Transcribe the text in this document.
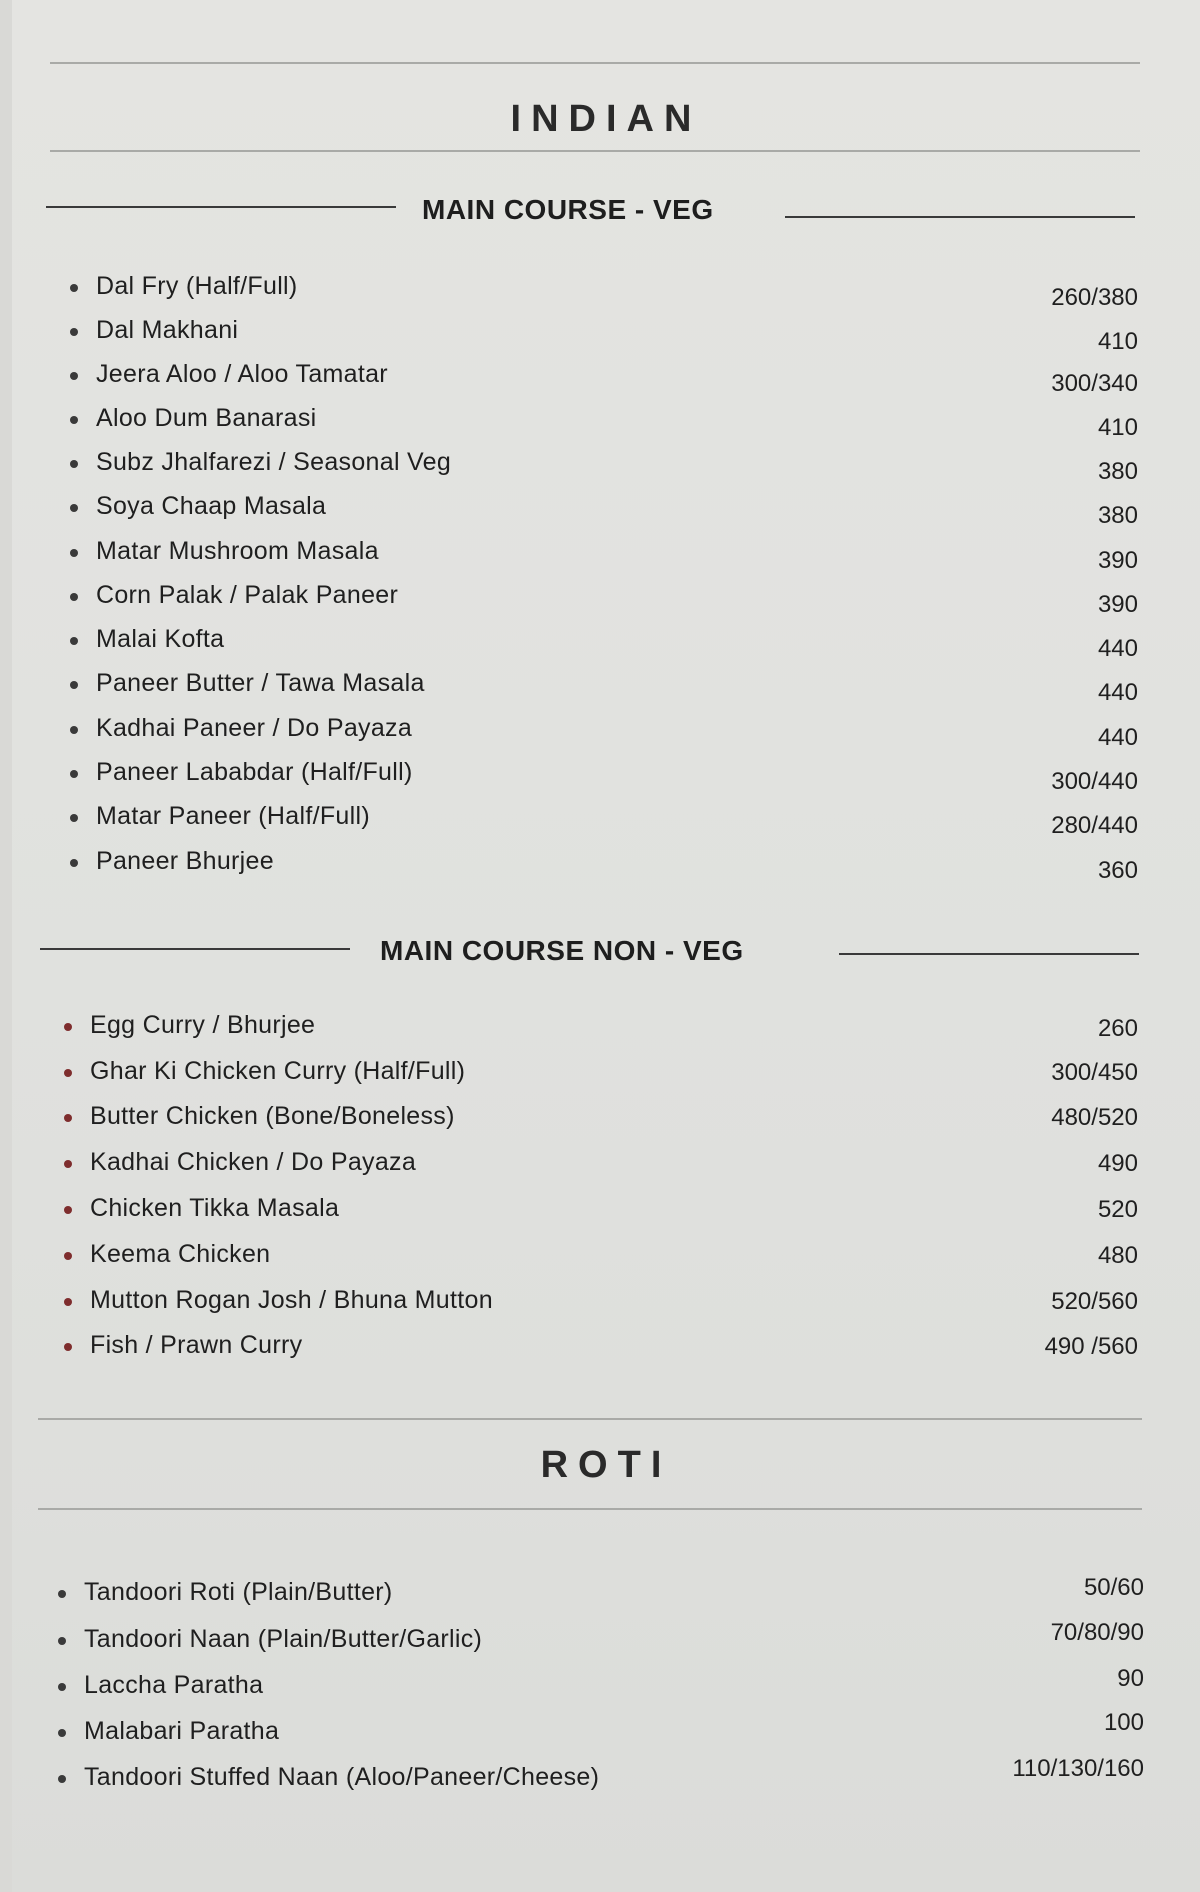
INDIAN
MAIN COURSE - VEG
Dal Fry (Half/Full)	260/380
Dal Makhani	410
Jeera Aloo / Aloo Tamatar	300/340
Aloo Dum Banarasi	410
Subz Jhalfarezi / Seasonal Veg	380
Soya Chaap Masala	380
Matar Mushroom Masala	390
Corn Palak / Palak Paneer	390
Malai Kofta	440
Paneer Butter / Tawa Masala	440
Kadhai Paneer / Do Payaza	440
Paneer Lababdar (Half/Full)	300/440
Matar Paneer (Half/Full)	280/440
Paneer Bhurjee	360
MAIN COURSE NON - VEG
Egg Curry / Bhurjee	260
Ghar Ki Chicken Curry (Half/Full)	300/450
Butter Chicken (Bone/Boneless)	480/520
Kadhai Chicken / Do Payaza	490
Chicken Tikka Masala	520
Keema Chicken	480
Mutton Rogan Josh / Bhuna Mutton	520/560
Fish / Prawn Curry	490 /560
ROTI
Tandoori Roti (Plain/Butter)	50/60
Tandoori Naan (Plain/Butter/Garlic)	70/80/90
Laccha Paratha	90
Malabari Paratha	100
Tandoori Stuffed Naan (Aloo/Paneer/Cheese)	110/130/160
